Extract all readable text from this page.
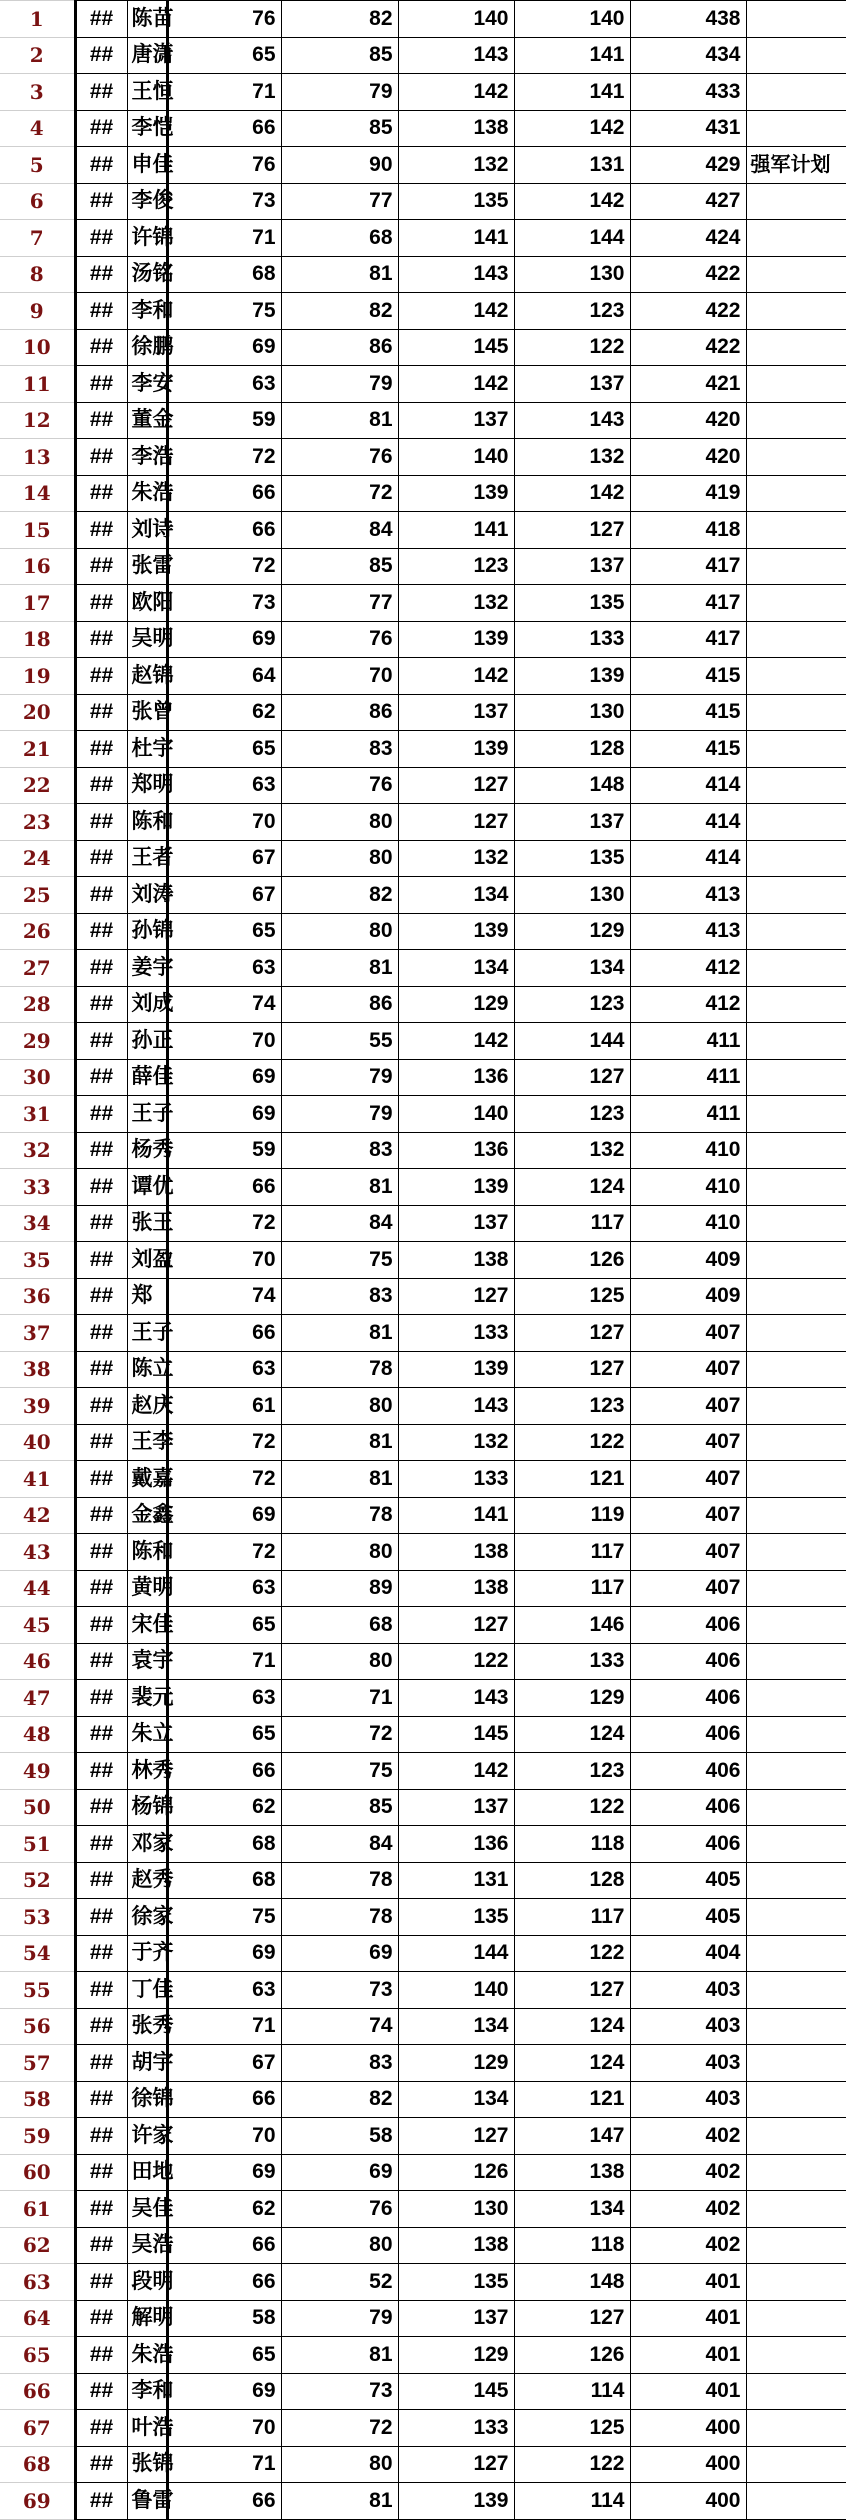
1	##	陈苗	76	82	140	140	438	
2	##	唐潇	65	85	143	141	434	
3	##	王恒	71	79	142	141	433	
4	##	李恺	66	85	138	142	431	
5	##	申佳	76	90	132	131	429	强军计划
6	##	李俊	73	77	135	142	427	
7	##	许锦	71	68	141	144	424	
8	##	汤铭	68	81	143	130	422	
9	##	李和	75	82	142	123	422	
10	##	徐鹏	69	86	145	122	422	
11	##	李安	63	79	142	137	421	
12	##	董金	59	81	137	143	420	
13	##	李浩	72	76	140	132	420	
14	##	朱浩	66	72	139	142	419	
15	##	刘诗	66	84	141	127	418	
16	##	张雷	72	85	123	137	417	
17	##	欧阳	73	77	132	135	417	
18	##	吴明	69	76	139	133	417	
19	##	赵锦	64	70	142	139	415	
20	##	张曾	62	86	137	130	415	
21	##	杜宇	65	83	139	128	415	
22	##	郑明	63	76	127	148	414	
23	##	陈和	70	80	127	137	414	
24	##	王者	67	80	132	135	414	
25	##	刘涛	67	82	134	130	413	
26	##	孙锦	65	80	139	129	413	
27	##	姜宇	63	81	134	134	412	
28	##	刘成	74	86	129	123	412	
29	##	孙正	70	55	142	144	411	
30	##	薛佳	69	79	136	127	411	
31	##	王子	69	79	140	123	411	
32	##	杨秀	59	83	136	132	410	
33	##	谭优	66	81	139	124	410	
34	##	张王	72	84	137	117	410	
35	##	刘盈	70	75	138	126	409	
36	##	郑	74	83	127	125	409	
37	##	王子	66	81	133	127	407	
38	##	陈立	63	78	139	127	407	
39	##	赵庆	61	80	143	123	407	
40	##	王李	72	81	132	122	407	
41	##	戴嘉	72	81	133	121	407	
42	##	金鑫	69	78	141	119	407	
43	##	陈和	72	80	138	117	407	
44	##	黄明	63	89	138	117	407	
45	##	宋佳	65	68	127	146	406	
46	##	袁宇	71	80	122	133	406	
47	##	裴元	63	71	143	129	406	
48	##	朱立	65	72	145	124	406	
49	##	林秀	66	75	142	123	406	
50	##	杨锦	62	85	137	122	406	
51	##	邓家	68	84	136	118	406	
52	##	赵秀	68	78	131	128	405	
53	##	徐家	75	78	135	117	405	
54	##	于齐	69	69	144	122	404	
55	##	丁佳	63	73	140	127	403	
56	##	张秀	71	74	134	124	403	
57	##	胡宇	67	83	129	124	403	
58	##	徐锦	66	82	134	121	403	
59	##	许家	70	58	127	147	402	
60	##	田地	69	69	126	138	402	
61	##	吴佳	62	76	130	134	402	
62	##	吴浩	66	80	138	118	402	
63	##	段明	66	52	135	148	401	
64	##	解明	58	79	137	127	401	
65	##	朱浩	65	81	129	126	401	
66	##	李和	69	73	145	114	401	
67	##	叶浩	70	72	133	125	400	
68	##	张锦	71	80	127	122	400	
69	##	鲁雷	66	81	139	114	400	
